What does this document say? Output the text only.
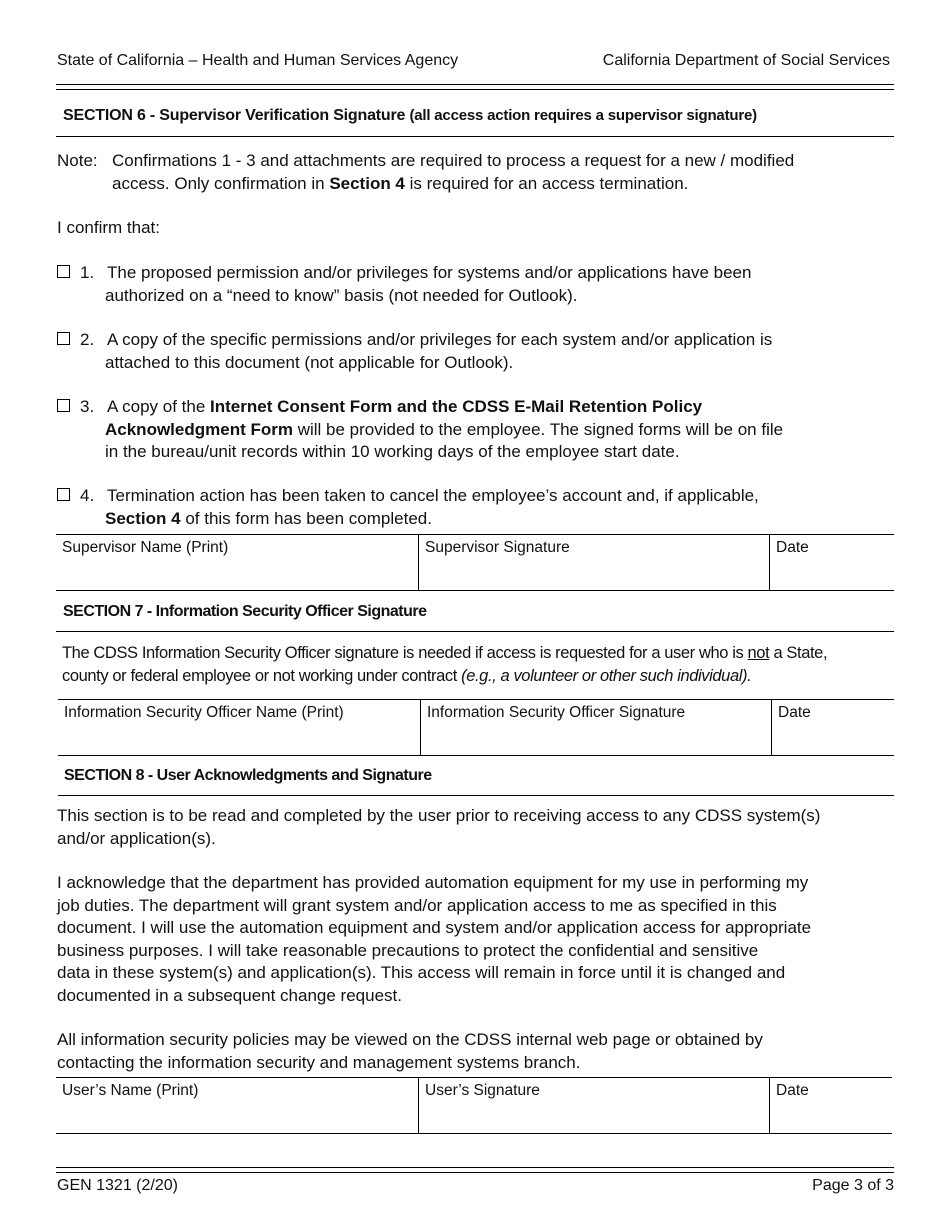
State of California – Health and Human Services Agency	California Department of Social Services
SECTION 6 - Supervisor Verification Signature (all access action requires a supervisor signature)
Note: Confirmations 1 - 3 and attachments are required to process a request for a new / modified
access. Only confirmation in Section 4 is required for an access termination.
I confirm that:
1. The proposed permission and/or privileges for systems and/or applications have been
authorized on a “need to know” basis (not needed for Outlook).
2. A copy of the specific permissions and/or privileges for each system and/or application is
attached to this document (not applicable for Outlook).
3. A copy of the Internet Consent Form and the CDSS E-Mail Retention Policy
Acknowledgment Form will be provided to the employee. The signed forms will be on file
in the bureau/unit records within 10 working days of the employee start date.
4. Termination action has been taken to cancel the employee’s account and, if applicable,
Section 4 of this form has been completed.
Supervisor Name (Print)	Supervisor Signature	Date
SECTION 7 - Information Security Officer Signature
The CDSS Information Security Officer signature is needed if access is requested for a user who is not a State,
county or federal employee or not working under contract (e.g., a volunteer or other such individual).
Information Security Officer Name (Print)	Information Security Officer Signature	Date
SECTION 8 - User Acknowledgments and Signature
This section is to be read and completed by the user prior to receiving access to any CDSS system(s)
and/or application(s).
I acknowledge that the department has provided automation equipment for my use in performing my
job duties. The department will grant system and/or application access to me as specified in this
document. I will use the automation equipment and system and/or application access for appropriate
business purposes. I will take reasonable precautions to protect the confidential and sensitive
data in these system(s) and application(s). This access will remain in force until it is changed and
documented in a subsequent change request.
All information security policies may be viewed on the CDSS internal web page or obtained by
contacting the information security and management systems branch.
User’s Name (Print)	User’s Signature	Date
GEN 1321 (2/20)	Page 3 of 3
